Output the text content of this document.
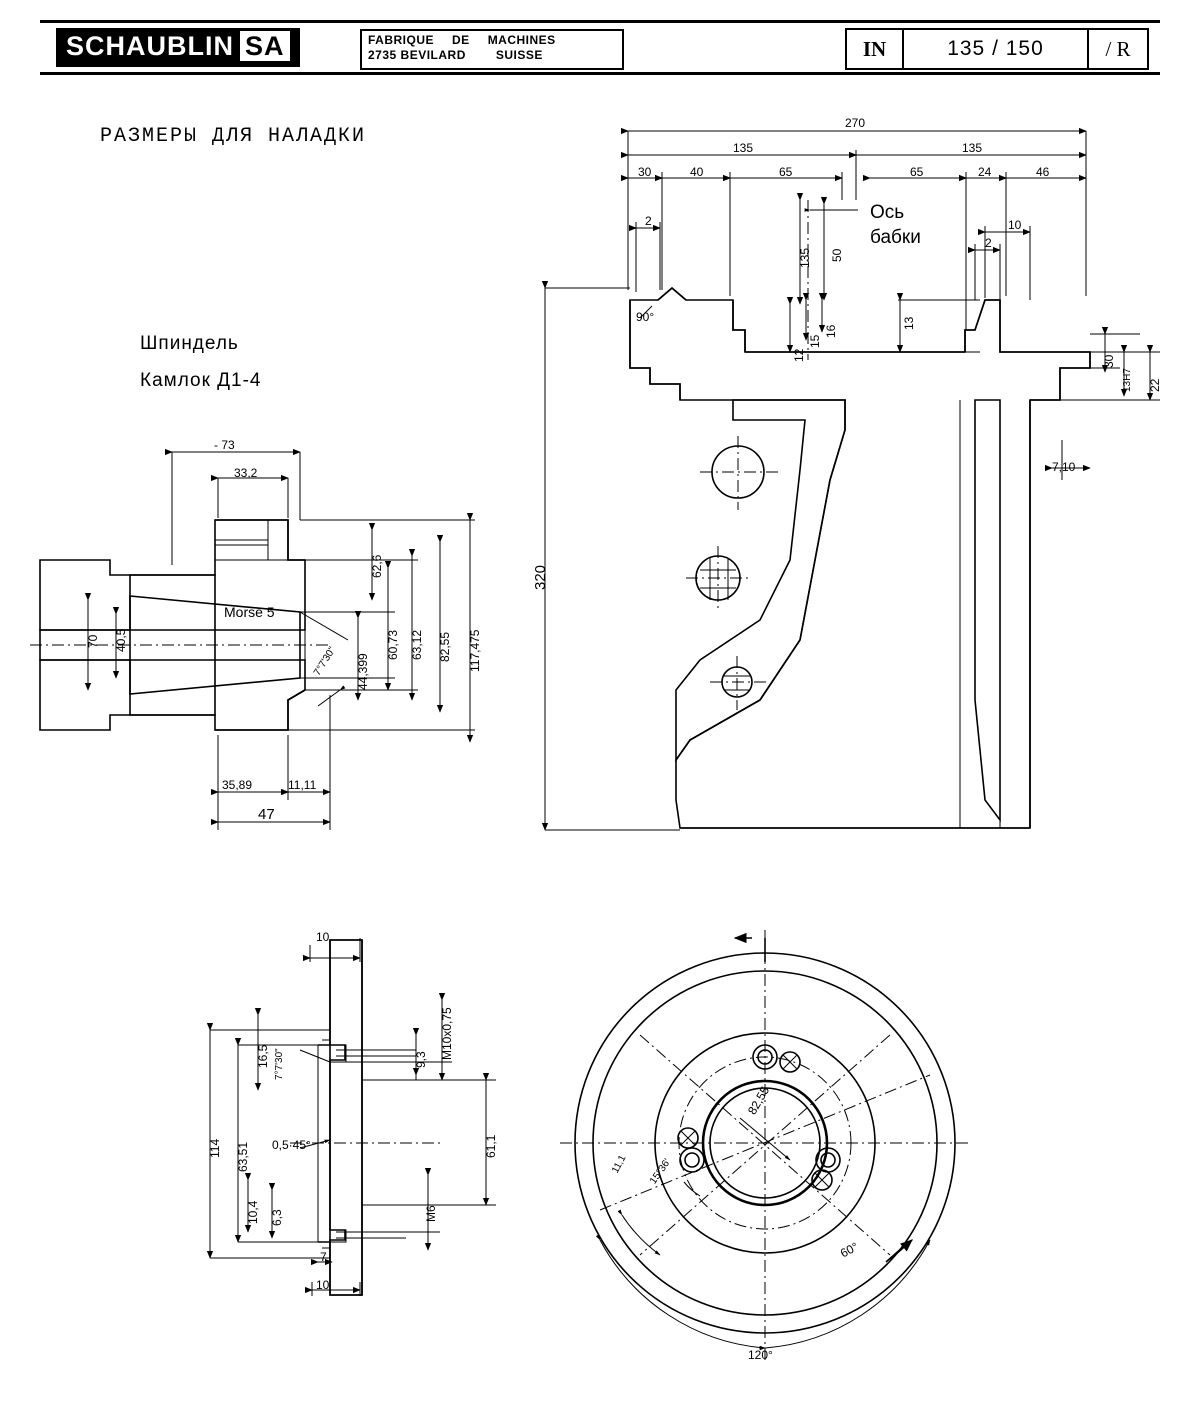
SCHAUBLIN SA	FABRIQUE DE MACHINES
2735 BEVILARD	SUISSE	IN	135 / 150	/ R
РАЗМЕРЫ ДЛЯ НАЛАДКИ
Шпиндель
Камлок Д1-4
Ось
бабки
270
135	135
30	40	65	65	24	46
2	10
2
135 50
12
15
16
13
30
13H7
22
7,10
320
90°
- 73
33,2
70 40,5
62,6
44,399
60,73 63,12 82,55 117,475
35,89	11,11
47
7°7'30"
Morse 5
10
16,5 7°7'30"	9,3 M10x0,75
61,1
114 63,51 0,5·45°
10,4 6,3	M6
7
10
82,55
11,1 15°36'
60°
120°
